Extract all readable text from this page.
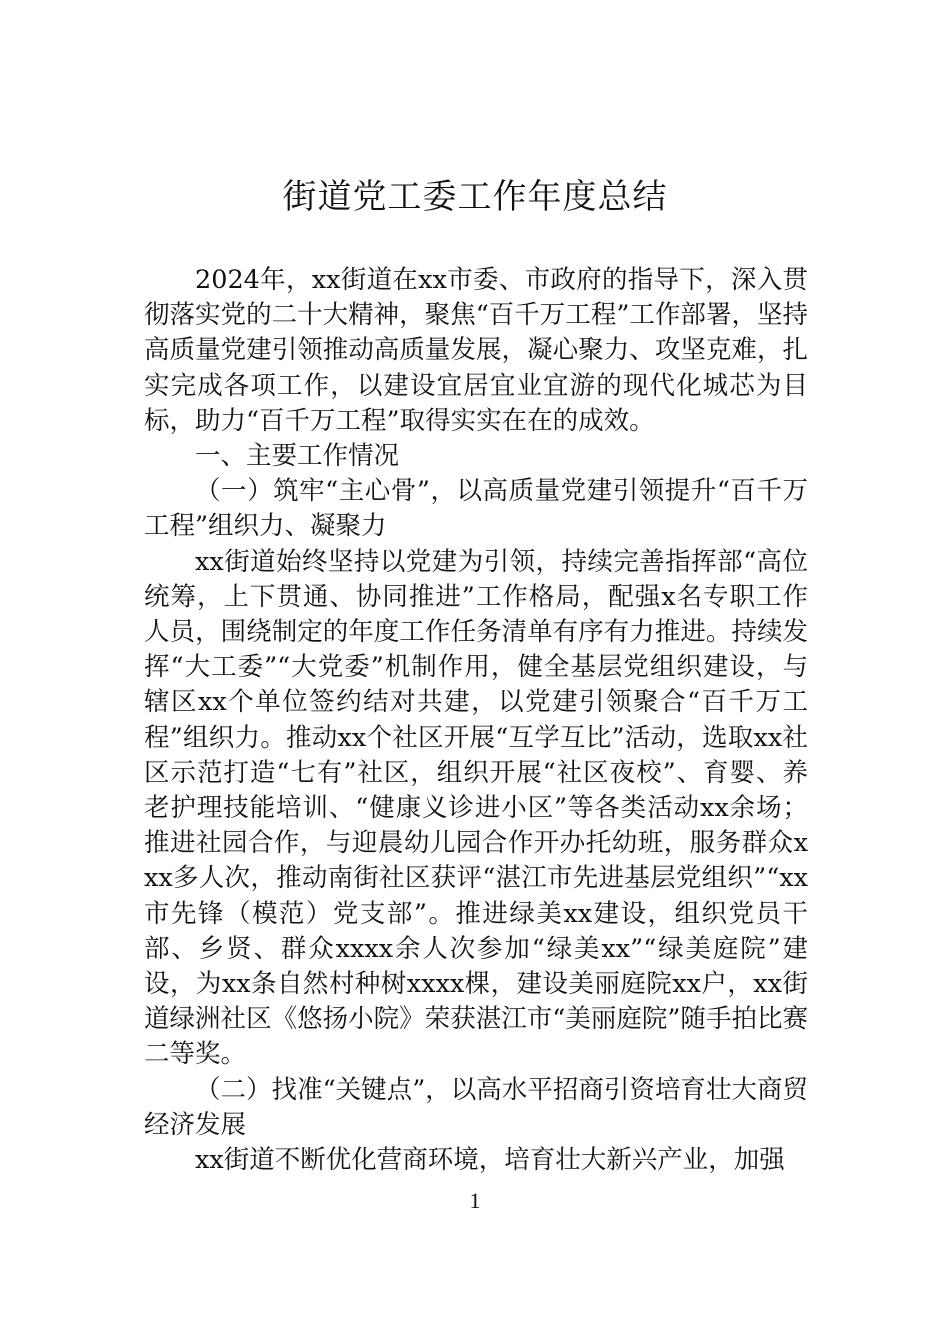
街道党工委工作年度总结

2024年，xx街道在xx市委、市政府的指导下，深入贯彻落实党的二十大精神，聚焦“百千万工程”工作部署，坚持高质量党建引领推动高质量发展，凝心聚力、攻坚克难，扎实完成各项工作，以建设宜居宜业宜游的现代化城芯为目标，助力“百千万工程”取得实实在在的成效。

一、主要工作情况

（一）筑牢“主心骨”，以高质量党建引领提升“百千万工程”组织力、凝聚力

xx街道始终坚持以党建为引领，持续完善指挥部“高位统筹，上下贯通、协同推进”工作格局，配强x名专职工作人员，围绕制定的年度工作任务清单有序有力推进。持续发挥“大工委”“大党委”机制作用，健全基层党组织建设，与辖区xx个单位签约结对共建，以党建引领聚合“百千万工程”组织力。推动xx个社区开展“互学互比”活动，选取xx社区示范打造“七有”社区，组织开展“社区夜校”、育婴、养老护理技能培训、“健康义诊进小区”等各类活动xx余场；推进社园合作，与迎晨幼儿园合作开办托幼班，服务群众xxx多人次，推动南街社区获评“湛江市先进基层党组织”“xx市先锋（模范）党支部”。推进绿美xx建设，组织党员干部、乡贤、群众xxxx余人次参加“绿美xx”“绿美庭院”建设，为xx条自然村种树xxxx棵，建设美丽庭院xx户，xx街道绿洲社区《悠扬小院》荣获湛江市“美丽庭院”随手拍比赛二等奖。

（二）找准“关键点”，以高水平招商引资培育壮大商贸经济发展

xx街道不断优化营商环境，培育壮大新兴产业，加强

1
